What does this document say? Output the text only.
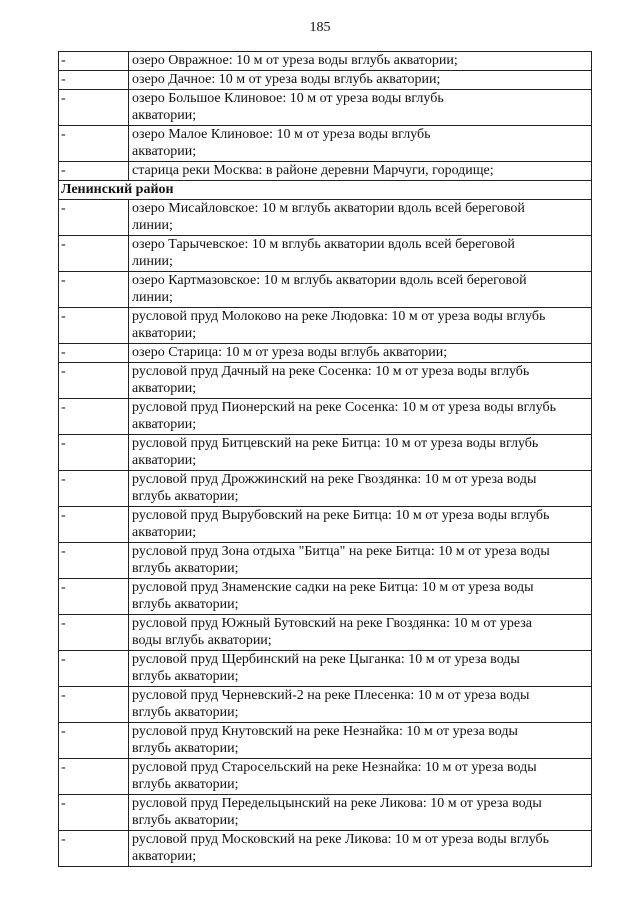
185
-	озеро Овражное: 10 м от уреза воды вглубь акватории;
-	озеро Дачное: 10 м от уреза воды вглубь акватории;
-	озеро Большое Клиновое: 10 м от уреза воды вглубь
акватории;
-	озеро Малое Клиновое: 10 м от уреза воды вглубь
акватории;
-	старица реки Москва: в районе деревни Марчуги, городище;
Ленинский район	
-	озеро Мисайловское: 10 м вглубь акватории вдоль всей береговой
линии;
-	озеро Тарычевское: 10 м вглубь акватории вдоль всей береговой
линии;
-	озеро Картмазовское: 10 м вглубь акватории вдоль всей береговой
линии;
-	русловой пруд Молоково на реке Людовка: 10 м от уреза воды вглубь
акватории;
-	озеро Старица: 10 м от уреза воды вглубь акватории;
-	русловой пруд Дачный на реке Сосенка: 10 м от уреза воды вглубь
акватории;
-	русловой пруд Пионерский на реке Сосенка: 10 м от уреза воды вглубь
акватории;
-	русловой пруд Битцевский на реке Битца: 10 м от уреза воды вглубь
акватории;
-	русловой пруд Дрожжинский на реке Гвоздянка: 10 м от уреза воды
вглубь акватории;
-	русловой пруд Вырубовский на реке Битца: 10 м от уреза воды вглубь
акватории;
-	русловой пруд Зона отдыха "Битца" на реке Битца: 10 м от уреза воды
вглубь акватории;
-	русловой пруд Знаменские садки на реке Битца: 10 м от уреза воды
вглубь акватории;
-	русловой пруд Южный Бутовский на реке Гвоздянка: 10 м от уреза
воды вглубь акватории;
-	русловой пруд Щербинский на реке Цыганка: 10 м от уреза воды
вглубь акватории;
-	русловой пруд Черневский-2 на реке Плесенка: 10 м от уреза воды
вглубь акватории;
-	русловой пруд Кнутовский на реке Незнайка: 10 м от уреза воды
вглубь акватории;
-	русловой пруд Старосельский на реке Незнайка: 10 м от уреза воды
вглубь акватории;
-	русловой пруд Передельцынский на реке Ликова: 10 м от уреза воды
вглубь акватории;
-	русловой пруд Московский на реке Ликова: 10 м от уреза воды вглубь
акватории;
